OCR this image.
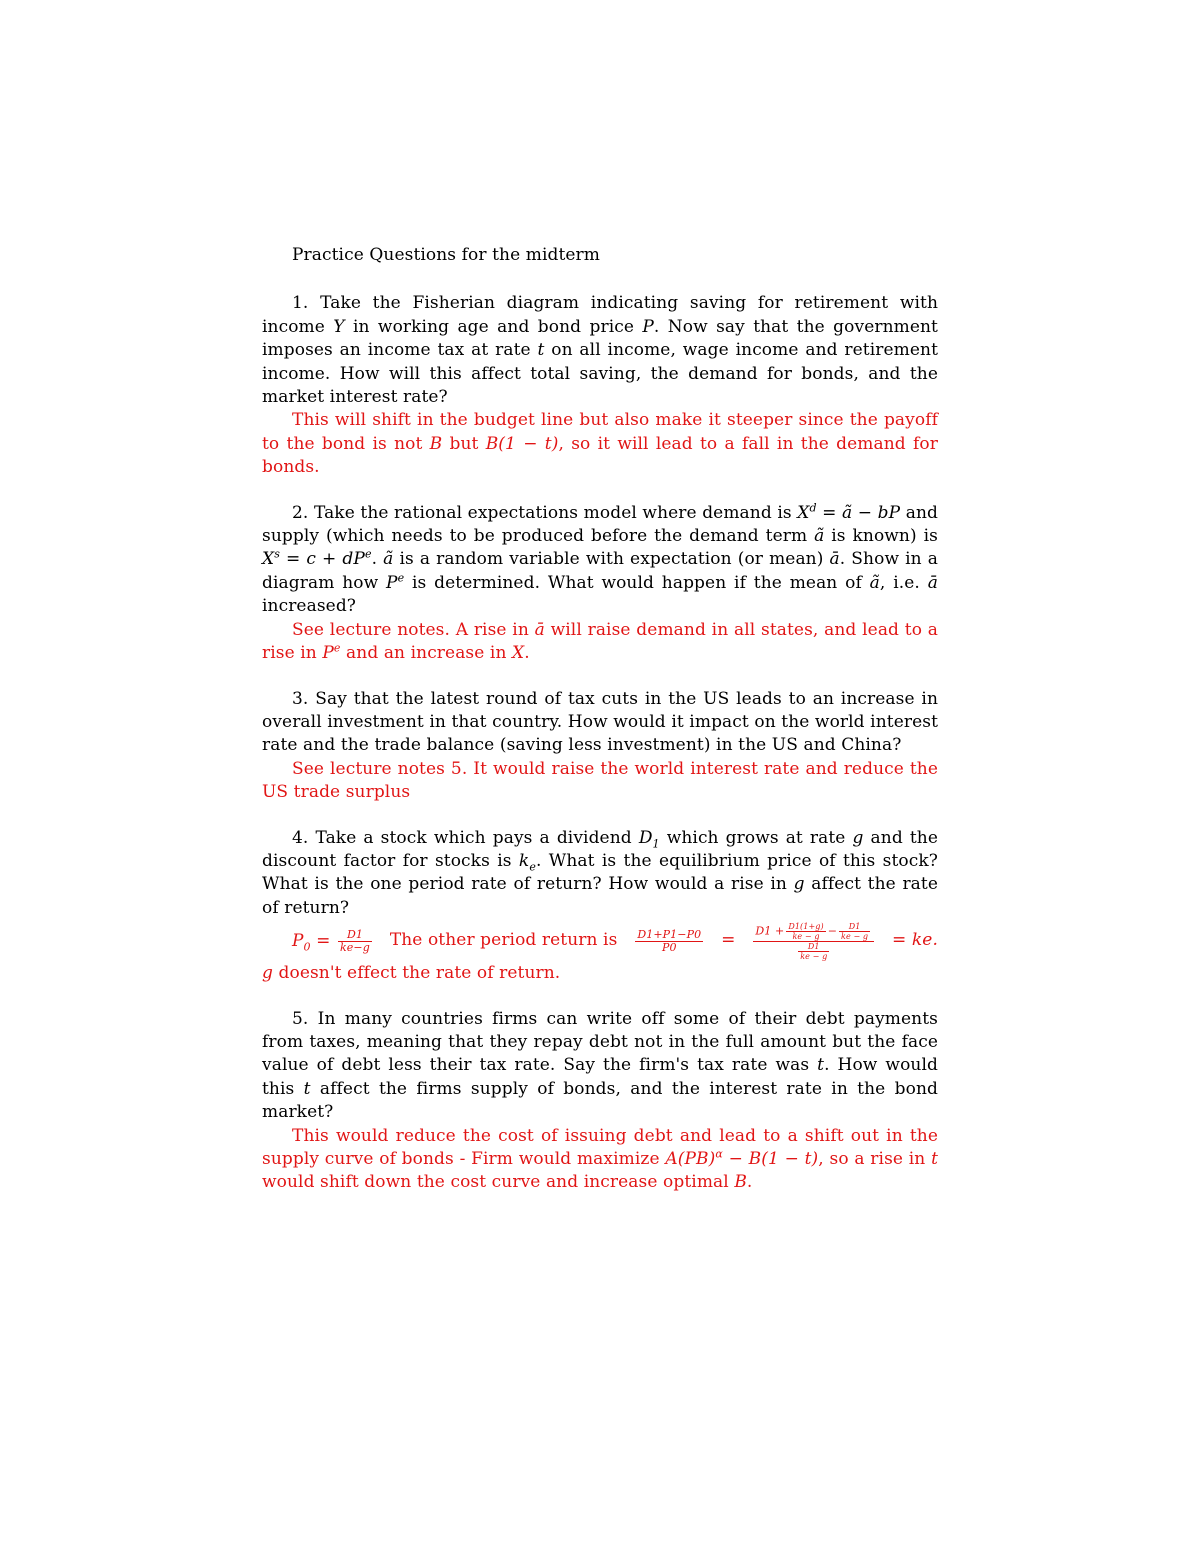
Practice Questions for the midterm

1. Take the Fisherian diagram indicating saving for retirement with income Y in working age and bond price P. Now say that the government imposes an income tax at rate t on all income, wage income and retirement income. How will this affect total saving, the demand for bonds, and the market interest rate?

This will shift in the budget line but also make it steeper since the payoff to the bond is not B but B(1 − t), so it will lead to a fall in the demand for bonds.

2. Take the rational expectations model where demand is $X^d$ = ã − bP and supply (which needs to be produced before the demand term ã is known) is $X^s = c + dP^e$. ã is a random variable with expectation (or mean) ā. Show in a diagram how $P^e$ is determined. What would happen if the mean of ã, i.e. ā increased?

See lecture notes. A rise in ā will raise demand in all states, and lead to a rise in $P^e$ and an increase in X.

3. Say that the latest round of tax cuts in the US leads to an increase in overall investment in that country. How would it impact on the world interest rate and the trade balance (saving less investment) in the US and China?

See lecture notes 5. It would raise the world interest rate and reduce the US trade surplus

4. Take a stock which pays a dividend $D_1$ which grows at rate g and the discount factor for stocks is $k_e$. What is the equilibrium price of this stock? What is the one period rate of return? How would a rise in g affect the rate of return?

$P_0 = \frac{D1}{ke-g}$ The other period return is $\frac{D1+P1-P0}{P0} = \frac{D1 + \frac{D1(1+g)}{ke - g} - \frac{D1}{ke - g}}{\frac{D1}{ke - g}}$ = ke.

g doesn't effect the rate of return.

5. In many countries firms can write off some of their debt payments from taxes, meaning that they repay debt not in the full amount but the face value of debt less their tax rate. Say the firm's tax rate was t. How would this t affect the firms supply of bonds, and the interest rate in the bond market?

This would reduce the cost of issuing debt and lead to a shift out in the supply curve of bonds - Firm would maximize A(PB)$^\alpha$ − B(1 − t), so a rise in t would shift down the cost curve and increase optimal B.
